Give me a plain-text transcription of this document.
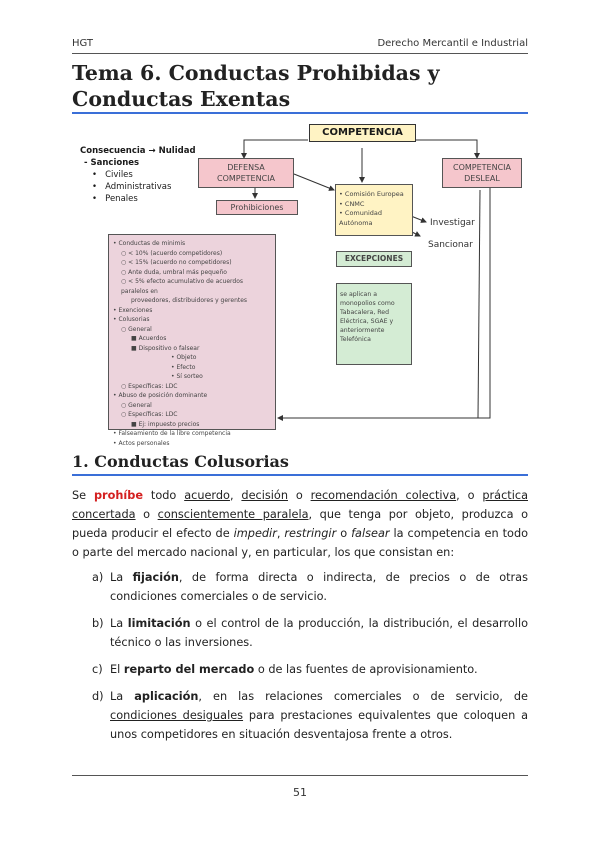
HGT	Derecho Mercantil e Industrial
Tema 6. Conductas Prohibidas y Conductas Exentas
Consecuencia → Nulidad
- Sanciones
•   Civiles
•   Administrativas
•   Penales
COMPETENCIA
DEFENSA
COMPETENCIA
COMPETENCIA
DESLEAL
Prohibiciones
• Comisión Europea
• CNMC
• Comunidad Autónoma	Investigar
Sancionar
EXCEPCIONES
se aplican a
monopolios como
Tabacalera, Red
Eléctrica, SGAE y
anteriormente
Telefónica
• Conductas de minimis
○ < 10% (acuerdo competidores)
○ < 15% (acuerdo no competidores)
○ Ante duda, umbral más pequeño
○ < 5% efecto acumulativo de acuerdos paralelos en
proveedores, distribuidores y gerentes
• Exenciones
• Colusorias
○ General
■ Acuerdos
■ Dispositivo o falsear
• Objeto
• Efecto
• Sí sorteo
○ Específicas: LDC
• Abuso de posición dominante
○ General
○ Específicas: LDC
■ Ej: impuesto precios
• Falseamiento de la libre competencia
• Actos personales
1. Conductas Colusorias
Se prohíbe todo acuerdo, decisión o recomendación colectiva, o práctica concertada o conscientemente paralela, que tenga por objeto, produzca o pueda producir el efecto de impedir, restringir o falsear la competencia en todo o parte del mercado nacional y, en particular, los que consistan en:
a) La fijación, de forma directa o indirecta, de precios o de otras condiciones comerciales o de servicio.
b) La limitación o el control de la producción, la distribución, el desarrollo técnico o las inversiones.
c) El reparto del mercado o de las fuentes de aprovisionamiento.
d) La aplicación, en las relaciones comerciales o de servicio, de condiciones desiguales para prestaciones equivalentes que coloquen a unos competidores en situación desventajosa frente a otros.
51
